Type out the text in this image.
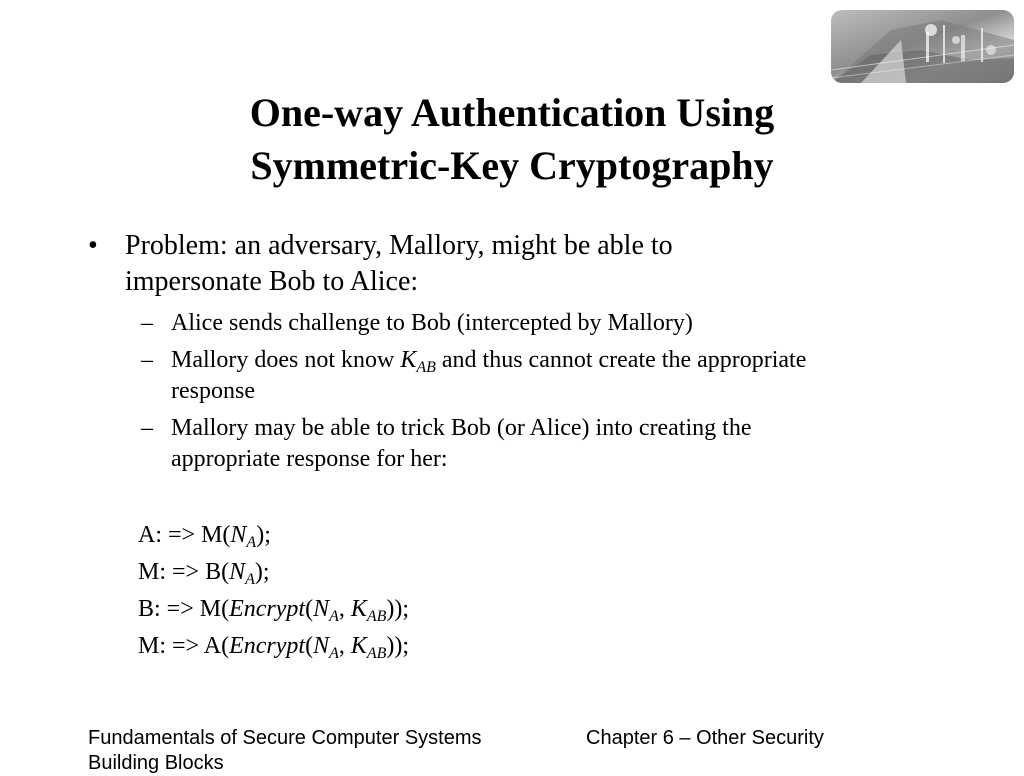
One-way Authentication Using
Symmetric-Key Cryptography
• Problem: an adversary, Mallory, might be able to
impersonate Bob to Alice:
– Alice sends challenge to Bob (intercepted by Mallory)
– Mallory does not know $K_{AB}$ and thus cannot create the appropriate
response
– Mallory may be able to trick Bob (or Alice) into creating the
appropriate response for her:
A: => $M(N_A)$;
M: => $B(N_A)$;
B: => $M(Encrypt(N_A$, $K_{AB}$));
M: => $A(Encrypt(N_A$, $K_{AB}$));
Fundamentals of Secure Computer Systems
Building Blocks
Chapter 6 – Other Security
